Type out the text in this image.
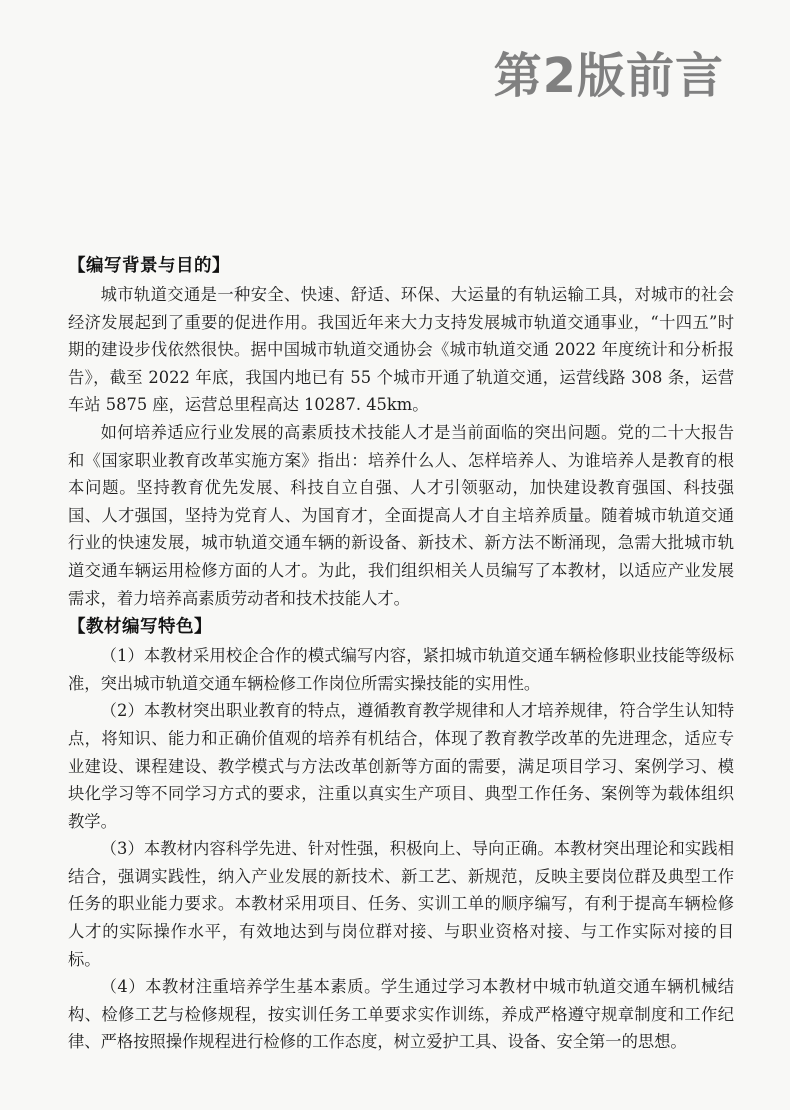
第2版前言
【编写背景与目的】

城市轨道交通是一种安全、快速、舒适、环保、大运量的有轨运输工具，对城市的社会经济发展起到了重要的促进作用。我国近年来大力支持发展城市轨道交通事业，“十四五”时期的建设步伐依然很快。据中国城市轨道交通协会《城市轨道交通 2022 年度统计和分析报告》，截至 2022 年底，我国内地已有 55 个城市开通了轨道交通，运营线路 308 条，运营车站 5875 座，运营总里程高达 10287. 45km。

如何培养适应行业发展的高素质技术技能人才是当前面临的突出问题。党的二十大报告和《国家职业教育改革实施方案》指出：培养什么人、怎样培养人、为谁培养人是教育的根本问题。坚持教育优先发展、科技自立自强、人才引领驱动，加快建设教育强国、科技强国、人才强国，坚持为党育人、为国育才，全面提高人才自主培养质量。随着城市轨道交通行业的快速发展，城市轨道交通车辆的新设备、新技术、新方法不断涌现，急需大批城市轨道交通车辆运用检修方面的人才。为此，我们组织相关人员编写了本教材，以适应产业发展需求，着力培养高素质劳动者和技术技能人才。

【教材编写特色】

（1）本教材采用校企合作的模式编写内容，紧扣城市轨道交通车辆检修职业技能等级标准，突出城市轨道交通车辆检修工作岗位所需实操技能的实用性。

（2）本教材突出职业教育的特点，遵循教育教学规律和人才培养规律，符合学生认知特点，将知识、能力和正确价值观的培养有机结合，体现了教育教学改革的先进理念，适应专业建设、课程建设、教学模式与方法改革创新等方面的需要，满足项目学习、案例学习、模块化学习等不同学习方式的要求，注重以真实生产项目、典型工作任务、案例等为载体组织教学。

（3）本教材内容科学先进、针对性强，积极向上、导向正确。本教材突出理论和实践相结合，强调实践性，纳入产业发展的新技术、新工艺、新规范，反映主要岗位群及典型工作任务的职业能力要求。本教材采用项目、任务、实训工单的顺序编写，有利于提高车辆检修人才的实际操作水平，有效地达到与岗位群对接、与职业资格对接、与工作实际对接的目标。

（4）本教材注重培养学生基本素质。学生通过学习本教材中城市轨道交通车辆机械结构、检修工艺与检修规程，按实训任务工单要求实作训练，养成严格遵守规章制度和工作纪律、严格按照操作规程进行检修的工作态度，树立爱护工具、设备、安全第一的思想。
